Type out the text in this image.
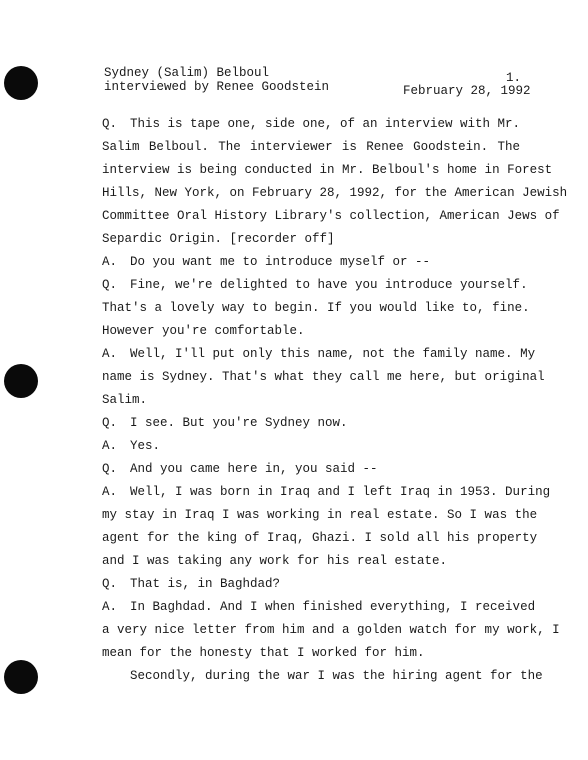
Sydney (Salim) Belboul
interviewed by Renee Goodstein
1.
February 28, 1992
Q. This is tape one, side one, of an interview with Mr.
Salim Belboul. The interviewer is Renee Goodstein. The
interview is being conducted in Mr. Belboul's home in Forest
Hills, New York, on February 28, 1992, for the American Jewish
Committee Oral History Library's collection, American Jews of
Separdic Origin. [recorder off]
A. Do you want me to introduce myself or --
Q. Fine, we're delighted to have you introduce yourself.
That's a lovely way to begin. If you would like to, fine.
However you're comfortable.
A. Well, I'll put only this name, not the family name. My
name is Sydney. That's what they call me here, but original
Salim.
Q. I see. But you're Sydney now.
A. Yes.
Q. And you came here in, you said --
A. Well, I was born in Iraq and I left Iraq in 1953. During
my stay in Iraq I was working in real estate. So I was the
agent for the king of Iraq, Ghazi. I sold all his property
and I was taking any work for his real estate.
Q. That is, in Baghdad?
A. In Baghdad. And I when finished everything, I received
a very nice letter from him and a golden watch for my work, I
mean for the honesty that I worked for him.
Secondly, during the war I was the hiring agent for the
